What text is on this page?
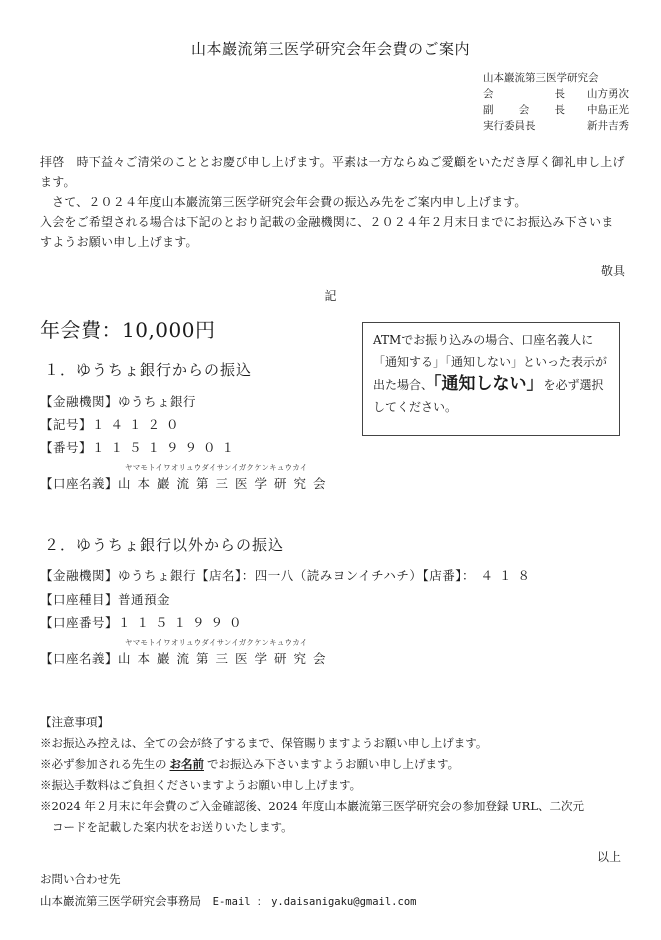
山本巖流第三医学研究会年会費のご案内
山本巖流第三医学研究会
会	長 山方勇次
副 会 長 中島正光
実行委員長	新井吉秀

拝啓　時下益々ご清栄のこととお慶び申し上げます。平素は一方ならぬご愛顧をいただき厚く御礼申し上げます。

さて、２０２４年度山本巖流第三医学研究会年会費の振込み先をご案内申し上げます。

入会をご希望される場合は下記のとおり記載の金融機関に、２０２４年２月末日までにお振込み下さいますようお願い申し上げます。

敬具
記
年会費：10,000円	ATMでお振り込みの場合、口座名義人に「通知する」「通知しない」といった表示が出た場合、「通知しない」を必ず選択してください。
１．ゆうちょ銀行からの振込
【金融機関】ゆうちょ銀行
【記号】１４１２０
【番号】１１５１９９０１
ヤマモトイワオリュウダイサンイガクケンキュウカイ
【口座名義】山本巖流第三医学研究会
２．ゆうちょ銀行以外からの振込
【金融機関】ゆうちょ銀行【店名】：四一八（読みヨンイチハチ）【店番】：４１８
【口座種目】普通預金
【口座番号】１１５１９９０
ヤマモトイワオリュウダイサンイガクケンキュウカイ
【口座名義】山本巖流第三医学研究会

【注意事項】

※お振込み控えは、全ての会が終了するまで、保管賜りますようお願い申し上げます。

※必ず参加される先生の お名前 でお振込み下さいますようお願い申し上げます。

※振込手数料はご負担くださいますようお願い申し上げます。

※2024 年２月末に年会費のご入金確認後、2024 年度山本巖流第三医学研究会の参加登録 URL、二次元

コードを記載した案内状をお送りいたします。

以上
お問い合わせ先
山本巖流第三医学研究会事務局 E-mail ： y.daisanigaku@gmail.com
